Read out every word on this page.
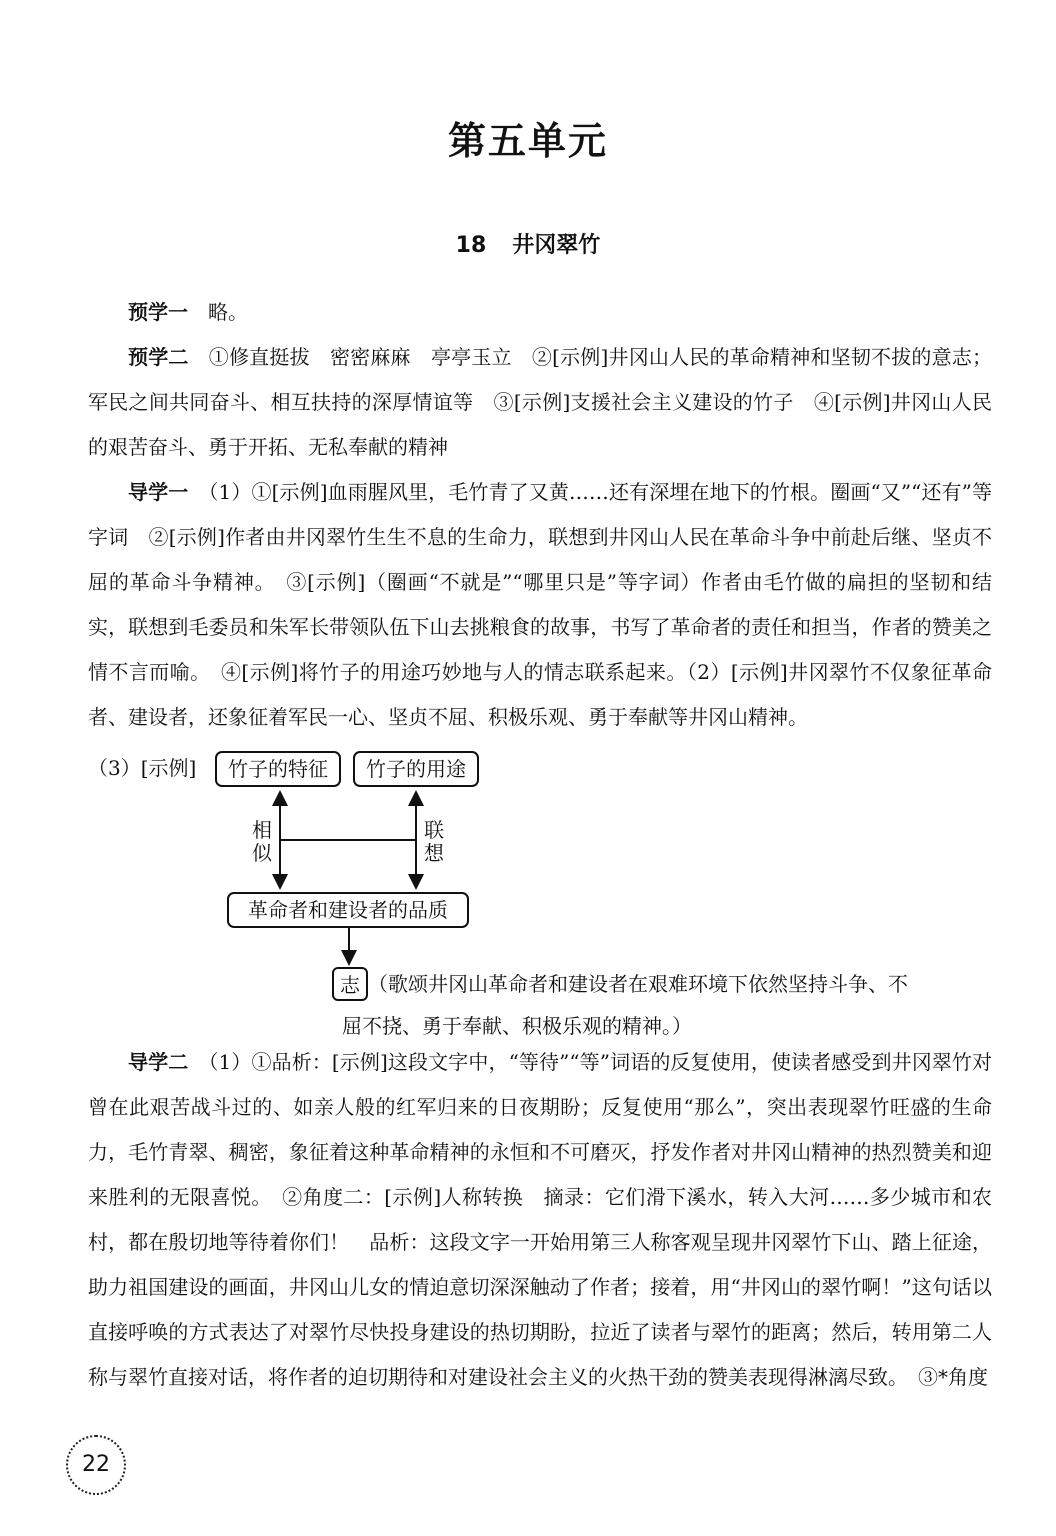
第五单元
18 井冈翠竹

预学一　 略。

预学二　 ①修直挺拔　密密麻麻　亭亭玉立　②[示例]井冈山人民的革命精神和坚韧不拔的意志；军民之间共同奋斗、相互扶持的深厚情谊等　③[示例]支援社会主义建设的竹子　④[示例]井冈山人民的艰苦奋斗、勇于开拓、无私奉献的精神

导学一　 （1）①[示例]血雨腥风里，毛竹青了又黄……还有深埋在地下的竹根。圈画“又”“还有”等字词　②[示例]作者由井冈翠竹生生不息的生命力，联想到井冈山人民在革命斗争中前赴后继、坚贞不屈的革命斗争精神。　③[示例]（圈画“不就是”“哪里只是”等字词）作者由毛竹做的扁担的坚韧和结实，联想到毛委员和朱军长带领队伍下山去挑粮食的故事，书写了革命者的责任和担当，作者的赞美之情不言而喻。　④[示例]将竹子的用途巧妙地与人的情志联系起来。（2）[示例]井冈翠竹不仅象征革命者、建设者，还象征着军民一心、坚贞不屈、积极乐观、勇于奉献等井冈山精神。

（3）[示例] 竹子的特征 竹子的用途
相
似
联
想
革命者和建设者的品质
志 （歌颂井冈山革命者和建设者在艰难环境下依然坚持斗争、不
屈不挠、勇于奉献、积极乐观的精神。）

导学二　 （1）①品析：[示例]这段文字中，“等待”“等”词语的反复使用，使读者感受到井冈翠竹对曾在此艰苦战斗过的、如亲人般的红军归来的日夜期盼；反复使用“那么”，突出表现翠竹旺盛的生命力，毛竹青翠、稠密，象征着这种革命精神的永恒和不可磨灭，抒发作者对井冈山精神的热烈赞美和迎来胜利的无限喜悦。　②角度二：[示例]人称转换　摘录：它们滑下溪水，转入大河……多少城市和农村，都在殷切地等待着你们！　品析：这段文字一开始用第三人称客观呈现井冈翠竹下山、踏上征途，助力祖国建设的画面，井冈山儿女的情迫意切深深触动了作者；接着，用“井冈山的翠竹啊！”这句话以直接呼唤的方式表达了对翠竹尽快投身建设的热切期盼，拉近了读者与翠竹的距离；然后，转用第二人称与翠竹直接对话，将作者的迫切期待和对建设社会主义的火热干劲的赞美表现得淋漓尽致。　③*角度

22
